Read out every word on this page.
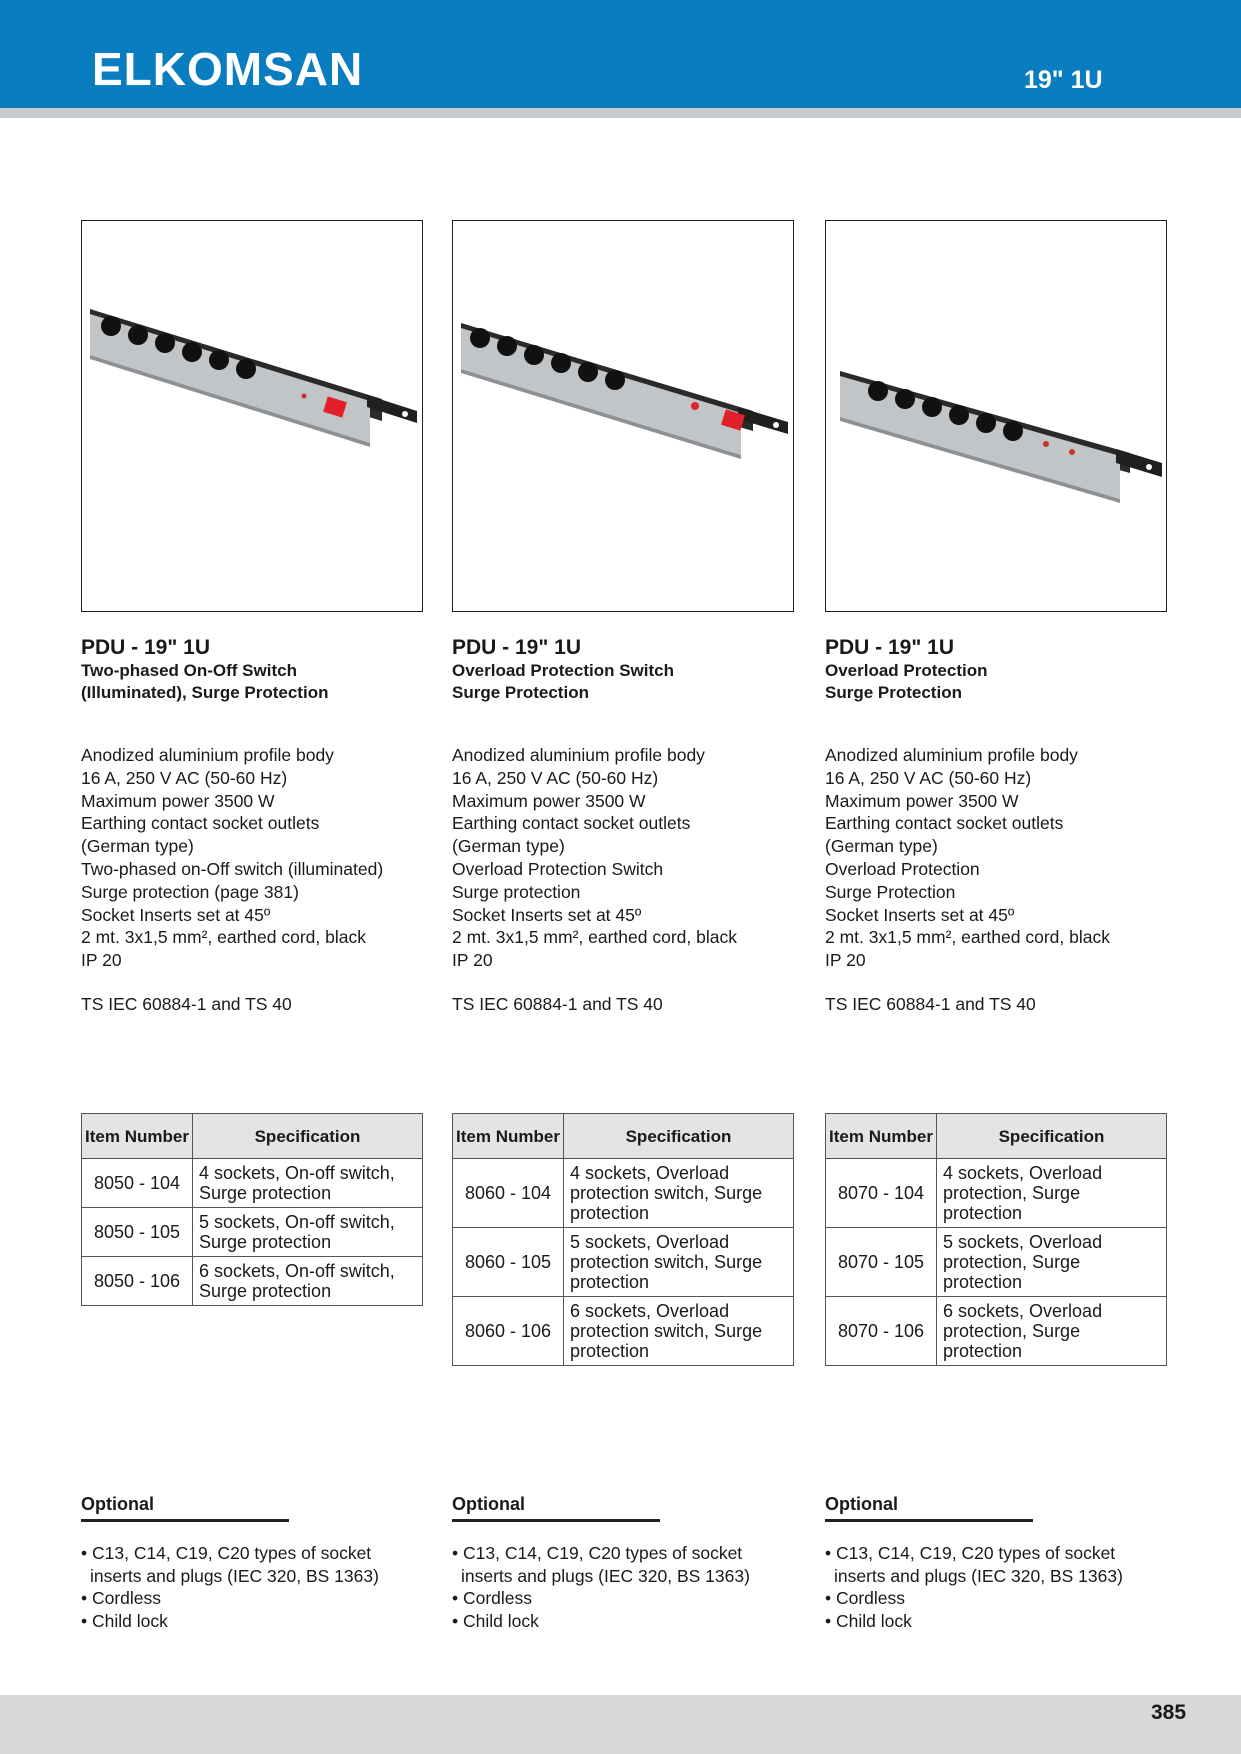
ELKOMSAN	19" 1U
PDU - 19" 1U
Two-phased On-Off Switch
(Illuminated), Surge Protection
Anodized aluminium profile body
16 A, 250 V AC (50-60 Hz)
Maximum power 3500 W
Earthing contact socket outlets
(German type)
Two-phased on-Off switch (illuminated)
Surge protection (page 381)
Socket Inserts set at 45º
2 mt. 3x1,5 mm², earthed cord, black
IP 20
TS IEC 60884-1 and TS 40
PDU - 19" 1U
Overload Protection Switch
Surge Protection
Anodized aluminium profile body
16 A, 250 V AC (50-60 Hz)
Maximum power 3500 W
Earthing contact socket outlets
(German type)
Overload Protection Switch
Surge protection
Socket Inserts set at 45º
2 mt. 3x1,5 mm², earthed cord, black
IP 20
TS IEC 60884-1 and TS 40
PDU - 19" 1U
Overload Protection
Surge Protection
Anodized aluminium profile body
16 A, 250 V AC (50-60 Hz)
Maximum power 3500 W
Earthing contact socket outlets
(German type)
Overload Protection
Surge Protection
Socket Inserts set at 45º
2 mt. 3x1,5 mm², earthed cord, black
IP 20
TS IEC 60884-1 and TS 40
Item Number	Specification
8050 - 104	4 sockets, On-off switch, Surge protection
8050 - 105	5 sockets, On-off switch, Surge protection
8050 - 106	6 sockets, On-off switch, Surge protection
Item Number	Specification
8060 - 104	4 sockets, Overload protection switch, Surge protection
8060 - 105	5 sockets, Overload protection switch, Surge protection
8060 - 106	6 sockets, Overload protection switch, Surge protection
Item Number	Specification
8070 - 104	4 sockets, Overload protection, Surge protection
8070 - 105	5 sockets, Overload protection, Surge protection
8070 - 106	6 sockets, Overload protection, Surge protection
Optional
• C13, C14, C19, C20 types of socket
inserts and plugs (IEC 320, BS 1363)
• Cordless
• Child lock
Optional
• C13, C14, C19, C20 types of socket
inserts and plugs (IEC 320, BS 1363)
• Cordless
• Child lock
Optional
• C13, C14, C19, C20 types of socket
inserts and plugs (IEC 320, BS 1363)
• Cordless
• Child lock
385
